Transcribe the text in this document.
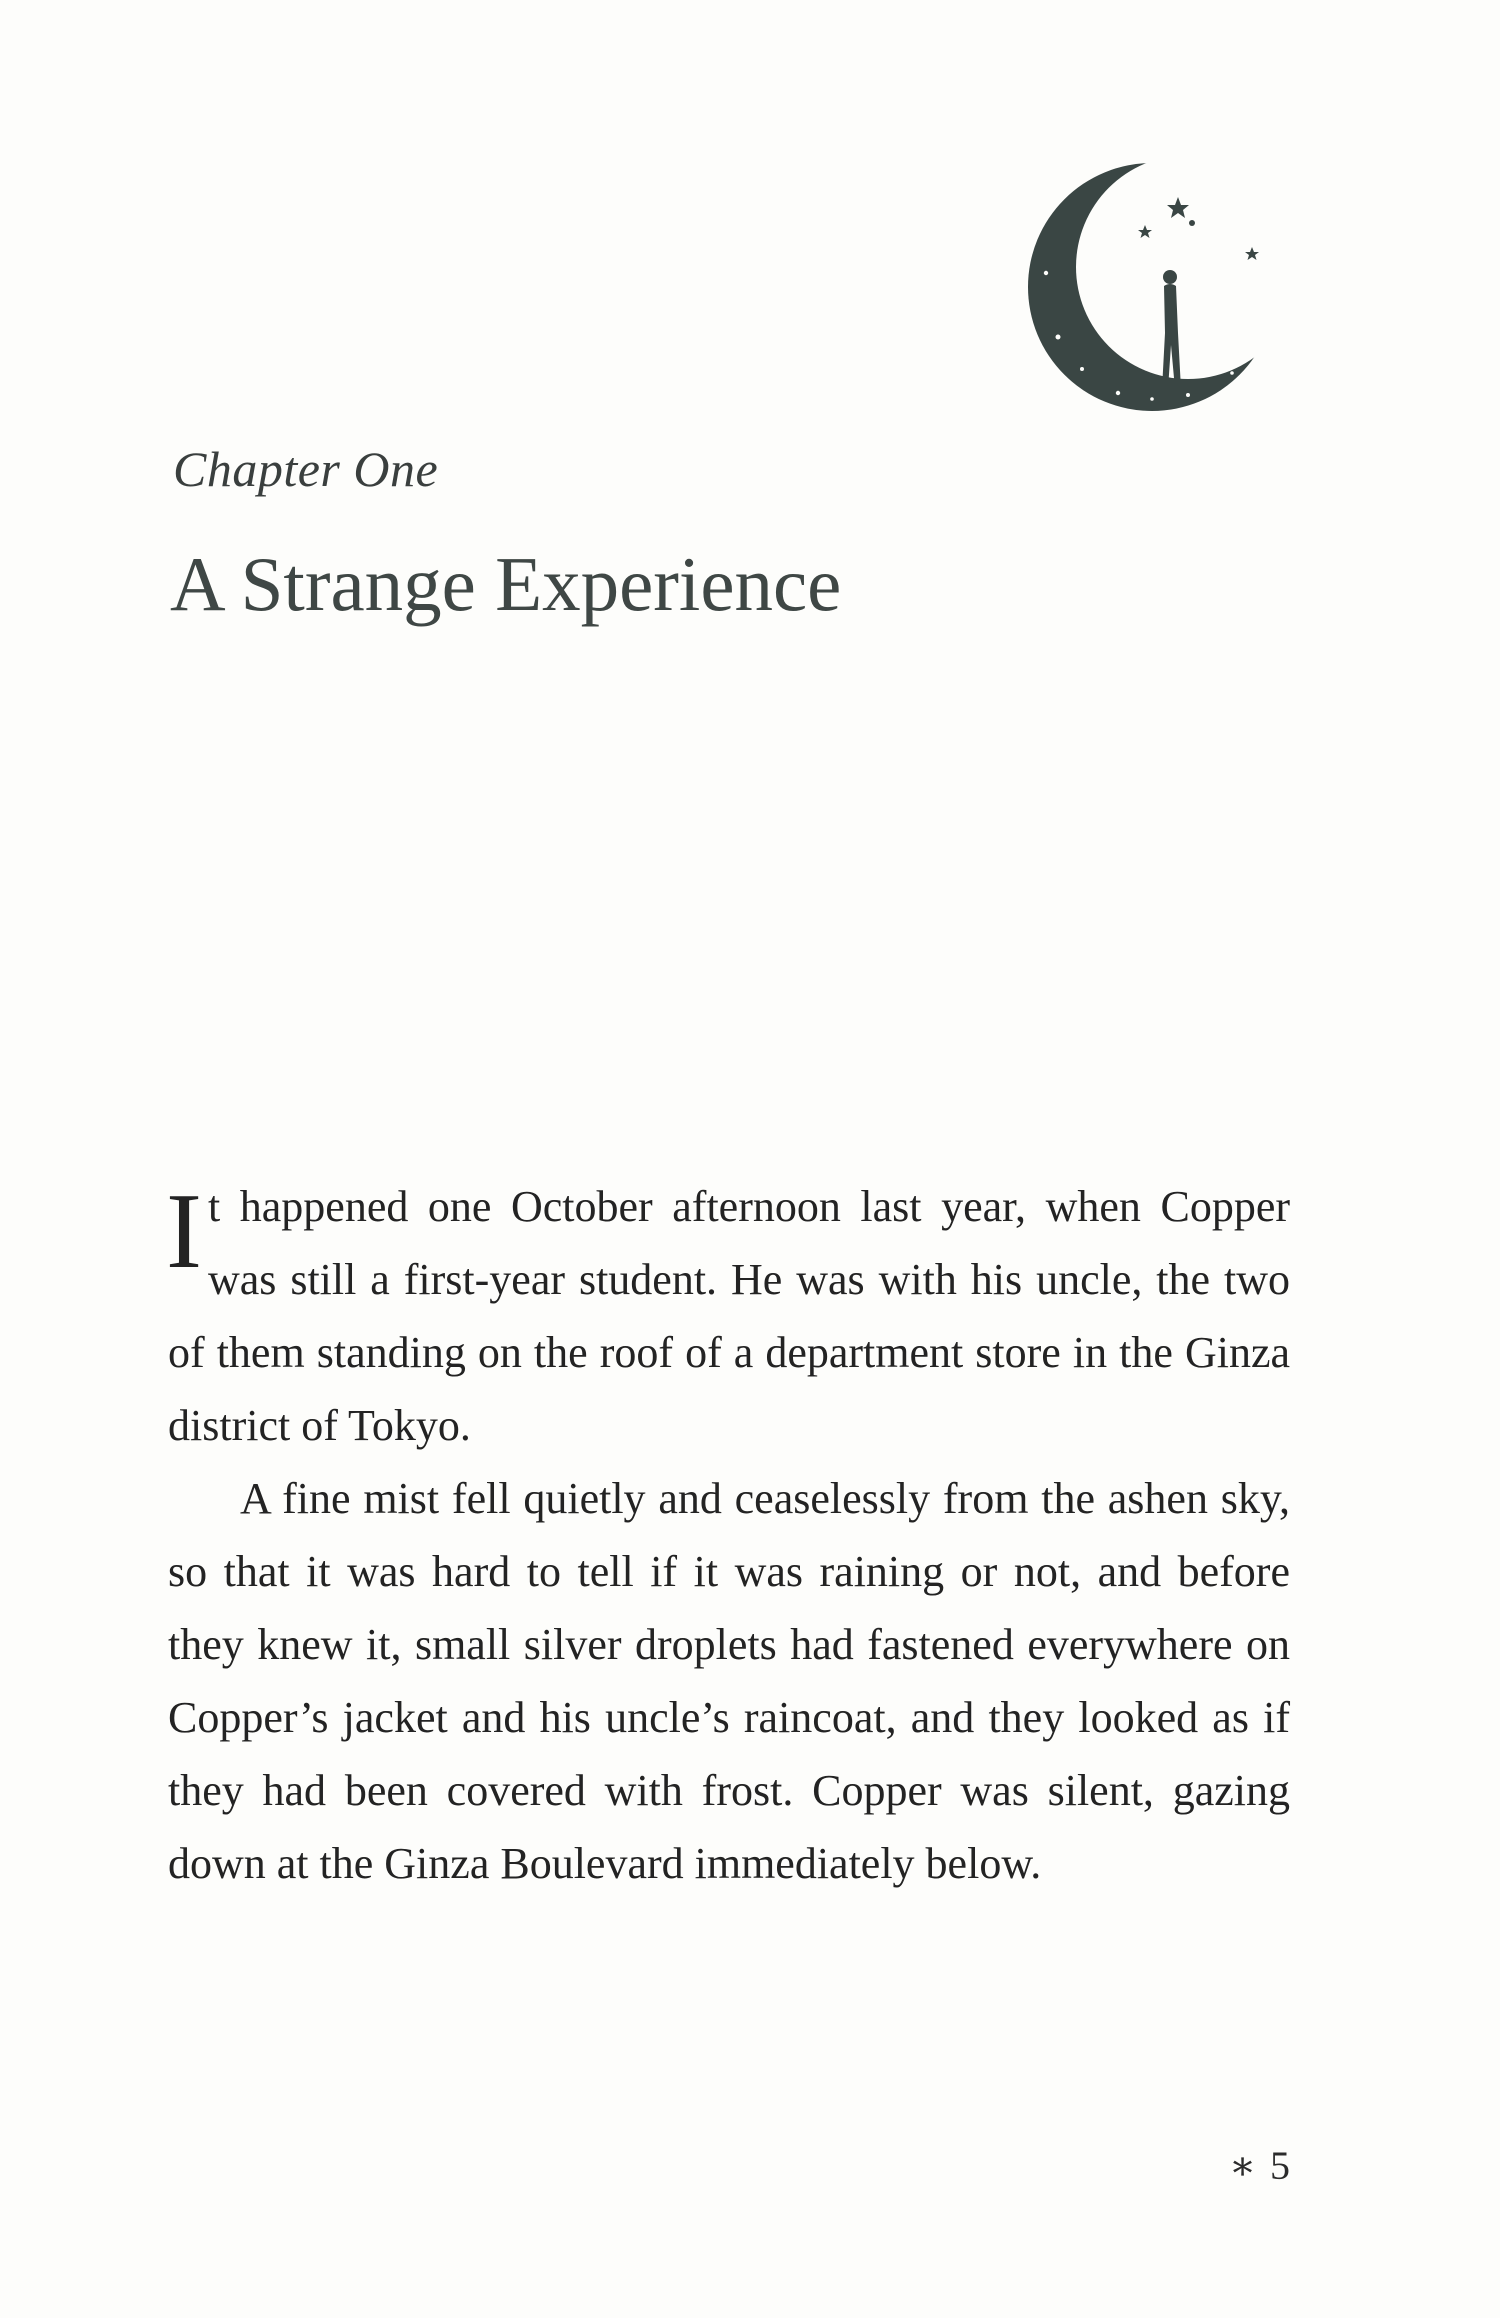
Chapter One

A Strange Experience

It happened one October afternoon last year, when Copper was still a first-year student. He was with his uncle, the two of them standing on the roof of a department store in the Ginza district of Tokyo.

A fine mist fell quietly and ceaselessly from the ashen sky, so that it was hard to tell if it was raining or not, and before they knew it, small silver droplets had fastened everywhere on Copper’s jacket and his uncle’s raincoat, and they looked as if they had been covered with frost. Copper was silent, gazing down at the Ginza Boulevard immediately below.

∗ 5
